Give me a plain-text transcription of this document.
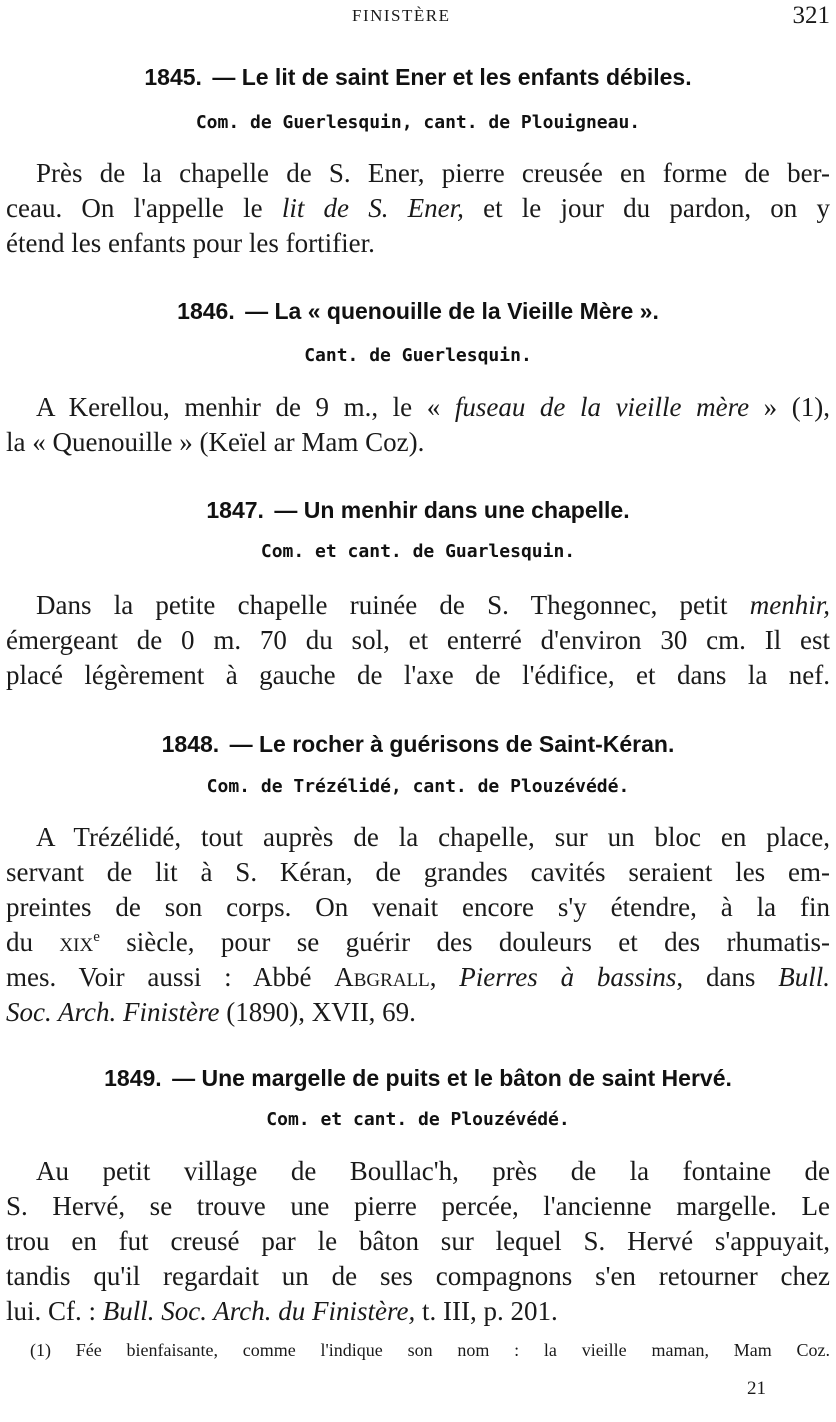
FINISTÈRE	321
1845. — Le lit de saint Ener et les enfants débiles.
Com. de Guerlesquin, cant. de Plouigneau.
Près de la chapelle de S. Ener, pierre creusée en forme de ber-
ceau. On l'appelle le lit de S. Ener, et le jour du pardon, on y
étend les enfants pour les fortifier.
1846. — La « quenouille de la Vieille Mère ».
Cant. de Guerlesquin.
A Kerellou, menhir de 9 m., le « fuseau de la vieille mère » (1),
la « Quenouille » (Keïel ar Mam Coz).
1847. — Un menhir dans une chapelle.
Com. et cant. de Guarlesquin.
Dans la petite chapelle ruinée de S. Thegonnec, petit menhir,
émergeant de 0 m. 70 du sol, et enterré d'environ 30 cm. Il est
placé légèrement à gauche de l'axe de l'édifice, et dans la nef.
1848. — Le rocher à guérisons de Saint-Kéran.
Com. de Trézélidé, cant. de Plouzévédé.
A Trézélidé, tout auprès de la chapelle, sur un bloc en place,
servant de lit à S. Kéran, de grandes cavités seraient les em-
preintes de son corps. On venait encore s'y étendre, à la fin
du xix$^e$ siècle, pour se guérir des douleurs et des rhumatis-
mes. Voir aussi : Abbé Abgrall, Pierres à bassins, dans Bull.
Soc. Arch. Finistère (1890), XVII, 69.
1849. — Une margelle de puits et le bâton de saint Hervé.
Com. et cant. de Plouzévédé.
Au petit village de Boullac'h, près de la fontaine de
S. Hervé, se trouve une pierre percée, l'ancienne margelle. Le
trou en fut creusé par le bâton sur lequel S. Hervé s'appuyait,
tandis qu'il regardait un de ses compagnons s'en retourner chez
lui. Cf. : Bull. Soc. Arch. du Finistère, t. III, p. 201.
(1) Fée bienfaisante, comme l'indique son nom : la vieille maman, Mam Coz.
21
